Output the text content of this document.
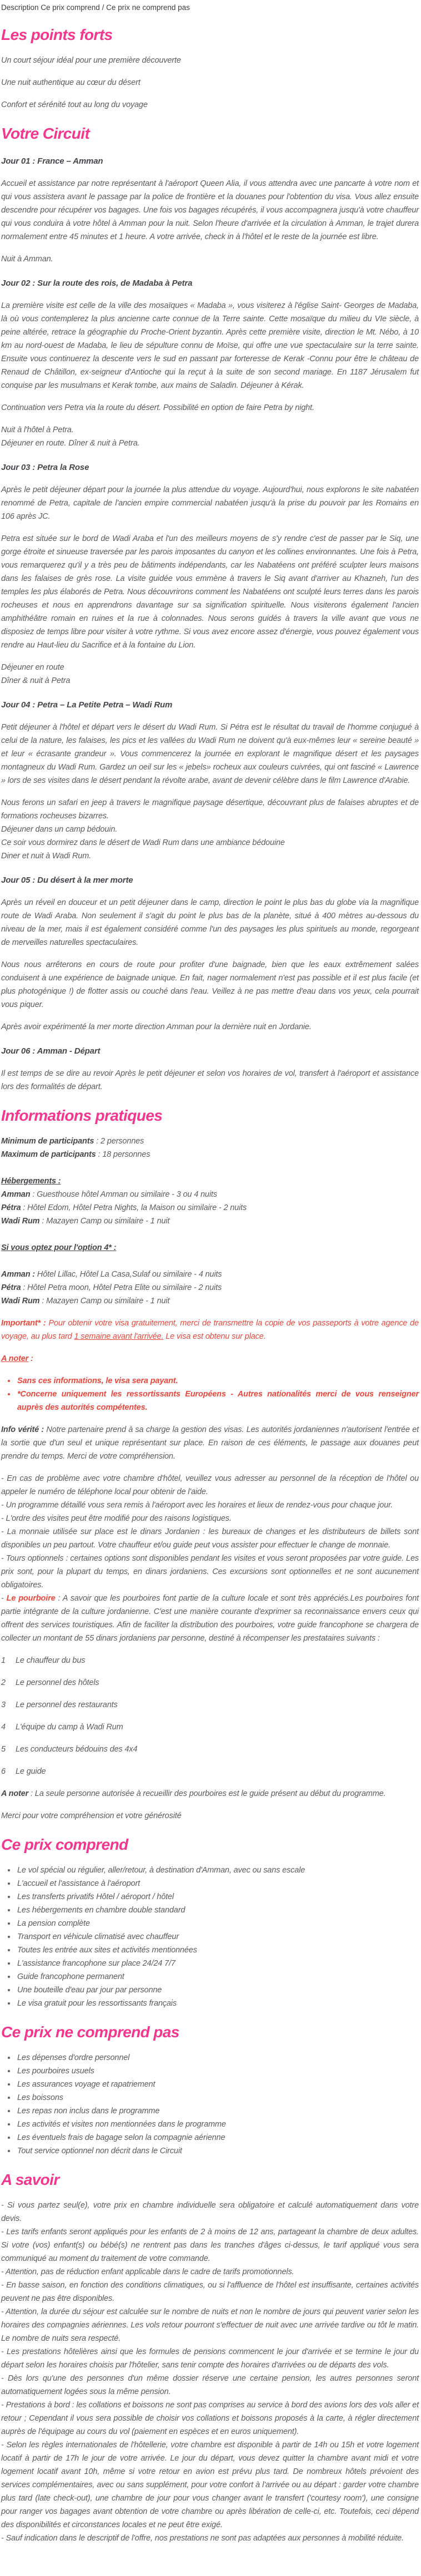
Description Ce prix comprend / Ce prix ne comprend pas
Les points forts
Un court séjour idéal pour une première découverte
Une nuit authentique au cœur du désert
Confort et sérénité tout au long du voyage
Votre Circuit
Jour 01 : France – Amman

Accueil et assistance par notre représentant à l'aéroport Queen Alia, il vous attendra avec une pancarte à votre nom et qui vous assistera avant le passage par la police de frontière et la douanes pour l'obtention du visa. Vous allez ensuite descendre pour récupérer vos bagages. Une fois vos bagages récupérés, il vous accompagnera jusqu'à votre chauffeur qui vous conduira à votre hôtel à Amman pour la nuit. Selon l'heure d'arrivée et la circulation à Amman, le trajet durera normalement entre 45 minutes et 1 heure. A votre arrivée, check in à l'hôtel et le reste de la journée est libre.

Nuit à Amman.
Jour 02 : Sur la route des rois, de Madaba à Petra

La première visite est celle de la ville des mosaïques « Madaba », vous visiterez à l'église Saint- Georges de Madaba, là où vous contemplerez la plus ancienne carte connue de la Terre sainte. Cette mosaïque du milieu du VIe siècle, à peine altérée, retrace la géographie du Proche-Orient byzantin. Après cette première visite, direction le Mt. Nébo, à 10 km au nord-ouest de Madaba, le lieu de sépulture connu de Moïse, qui offre une vue spectaculaire sur la terre sainte. Ensuite vous continuerez la descente vers le sud en passant par forteresse de Kerak -Connu pour être le château de Renaud de Châtillon, ex-seigneur d'Antioche qui la reçut à la suite de son second mariage. En 1187 Jérusalem fut conquise par les musulmans et Kerak tombe, aux mains de Saladin. Déjeuner à Kérak.

Continuation vers Petra via la route du désert. Possibilité en option de faire Petra by night.

Nuit à l'hôtel à Petra.
Déjeuner en route. Dîner & nuit à Petra.
Jour 03 : Petra la Rose

Après le petit déjeuner départ pour la journée la plus attendue du voyage. Aujourd'hui, nous explorons le site nabatéen renommé de Petra, capitale de l'ancien empire commercial nabatéen jusqu'à la prise du pouvoir par les Romains en 106 après JC.

Petra est située sur le bord de Wadi Araba et l'un des meilleurs moyens de s'y rendre c'est de passer par le Siq, une gorge étroite et sinueuse traversée par les parois imposantes du canyon et les collines environnantes. Une fois à Petra, vous remarquerez qu'il y a très peu de bâtiments indépendants, car les Nabatéens ont préféré sculpter leurs maisons dans les falaises de grès rose. La visite guidée vous emmène à travers le Siq avant d'arriver au Khazneh, l'un des temples les plus élaborés de Petra. Nous découvrirons comment les Nabatéens ont sculpté leurs terres dans les parois rocheuses et nous en apprendrons davantage sur sa signification spirituelle. Nous visiterons également l'ancien amphithéâtre romain en ruines et la rue à colonnades. Nous serons guidés à travers la ville avant que vous ne disposiez de temps libre pour visiter à votre rythme. Si vous avez encore assez d'énergie, vous pouvez également vous rendre au Haut-lieu du Sacrifice et à la fontaine du Lion.

Déjeuner en route
Dîner & nuit à Petra
Jour 04 : Petra – La Petite Petra – Wadi Rum

Petit déjeuner à l'hôtel et départ vers le désert du Wadi Rum. Si Pétra est le résultat du travail de l'homme conjugué à celui de la nature, les falaises, les pics et les vallées du Wadi Rum ne doivent qu'à eux-mêmes leur « sereine beauté » et leur « écrasante grandeur ». Vous commencerez la journée en explorant le magnifique désert et les paysages montagneux du Wadi Rum. Gardez un oeil sur les « jebels» rocheux aux couleurs cuivrées, qui ont fasciné « Lawrence » lors de ses visites dans le désert pendant la révolte arabe, avant de devenir célèbre dans le film Lawrence d'Arabie.

Nous ferons un safari en jeep à travers le magnifique paysage désertique, découvrant plus de falaises abruptes et de formations rocheuses bizarres.
Déjeuner dans un camp bédouin.
Ce soir vous dormirez dans le désert de Wadi Rum dans une ambiance bédouine
Diner et nuit à Wadi Rum.
Jour 05 : Du désert à la mer morte

Après un réveil en douceur et un petit déjeuner dans le camp, direction le point le plus bas du globe via la magnifique route de Wadi Araba. Non seulement il s'agit du point le plus bas de la planète, situé à 400 mètres au-dessous du niveau de la mer, mais il est également considéré comme l'un des paysages les plus spirituels au monde, regorgeant de merveilles naturelles spectaculaires.

Nous nous arrêterons en cours de route pour profiter d'une baignade, bien que les eaux extrêmement salées conduisent à une expérience de baignade unique. En fait, nager normalement n'est pas possible et il est plus facile (et plus photogénique !) de flotter assis ou couché dans l'eau. Veillez à ne pas mettre d'eau dans vos yeux, cela pourrait vous piquer.

Après avoir expérimenté la mer morte direction Amman pour la dernière nuit en Jordanie.

Jour 06 : Amman - Départ

Il est temps de se dire au revoir Après le petit déjeuner et selon vos horaires de vol, transfert à l'aéroport et assistance lors des formalités de départ.

Informations pratiques
Minimum de participants : 2 personnes
Maximum de participants : 18 personnes
Hébergements :
Amman : Guesthouse hôtel Amman ou similaire - 3 ou 4 nuits
Pétra : Hôtel Edom, Hôtel Petra Nights, la Maison ou similaire - 2 nuits
Wadi Rum : Mazayen Camp ou similaire - 1 nuit
Si vous optez pour l'option 4* :
Amman : Hôtel Lillac, Hôtel La Casa,Sulaf ou similaire - 4 nuits
Pétra : Hôtel Petra moon, Hôtel Petra Elite ou similaire - 2 nuits
Wadi Rum : Mazayen Camp ou similaire - 1 nuit

Important* : Pour obtenir votre visa gratuitement, merci de transmettre la copie de vos passeports à votre agence de voyage, au plus tard 1 semaine avant l'arrivée. Le visa est obtenu sur place.

A noter :

• Sans ces informations, le visa sera payant.
• *Concerne uniquement les ressortissants Européens - Autres nationalités merci de vous renseigner auprès des autorités compétentes.

Info vérité : Notre partenaire prend à sa charge la gestion des visas. Les autorités jordaniennes n'autorisent l'entrée et la sortie que d'un seul et unique représentant sur place. En raison de ces éléments, le passage aux douanes peut prendre du temps. Merci de votre compréhension.

- En cas de problème avec votre chambre d'hôtel, veuillez vous adresser au personnel de la réception de l'hôtel ou appeler le numéro de téléphone local pour obtenir de l'aide.
- Un programme détaillé vous sera remis à l'aéroport avec les horaires et lieux de rendez-vous pour chaque jour.
- L'ordre des visites peut être modifié pour des raisons logistiques.
- La monnaie utilisée sur place est le dinars Jordanien : les bureaux de changes et les distributeurs de billets sont disponibles un peu partout. Votre chauffeur et/ou guide peut vous assister pour effectuer le change de monnaie.
- Tours optionnels : certaines options sont disponibles pendant les visites et vous seront proposées par votre guide. Les prix sont, pour la plupart du temps, en dinars jordaniens. Ces excursions sont optionnelles et ne sont aucunement obligatoires.
- Le pourboire : A savoir que les pourboires font partie de la culture locale et sont très appréciés.Les pourboires font partie intégrante de la culture jordanienne. C'est une manière courante d'exprimer sa reconnaissance envers ceux qui offrent des services touristiques. Afin de faciliter la distribution des pourboires, votre guide francophone se chargera de collecter un montant de 55 dinars jordaniens par personne, destiné à récompenser les prestataires suivants :
1	Le chauffeur du bus
2	Le personnel des hôtels
3	Le personnel des restaurants
4	L'équipe du camp à Wadi Rum
5	Les conducteurs bédouins des 4x4
6	Le guide

A noter : La seule personne autorisée à recueillir des pourboires est le guide présent au début du programme.

Merci pour votre compréhension et votre générosité

Ce prix comprend
• Le vol spécial ou régulier, aller/retour, à destination d'Amman, avec ou sans escale
• L'accueil et l'assistance à l'aéroport
• Les transferts privatifs Hôtel / aéroport / hôtel
• Les hébergements en chambre double standard
• La pension complète
• Transport en véhicule climatisé avec chauffeur
• Toutes les entrée aux sites et activités mentionnées
• L'assistance francophone sur place 24/24 7/7
• Guide francophone permanent
• Une bouteille d'eau par jour par personne
• Le visa gratuit pour les ressortissants français
Ce prix ne comprend pas
• Les dépenses d'ordre personnel
• Les pourboires usuels
• Les assurances voyage et rapatriement
• Les boissons
• Les repas non inclus dans le programme
• Les activités et visites non mentionnées dans le programme
• Les éventuels frais de bagage selon la compagnie aérienne
• Tout service optionnel non décrit dans le Circuit
A savoir
- Si vous partez seul(e), votre prix en chambre individuelle sera obligatoire et calculé automatiquement dans votre devis.
- Les tarifs enfants seront appliqués pour les enfants de 2 à moins de 12 ans, partageant la chambre de deux adultes. Si votre (vos) enfant(s) ou bébé(s) ne rentrent pas dans les tranches d'âges ci-dessus, le tarif appliqué vous sera communiqué au moment du traitement de votre commande.
- Attention, pas de réduction enfant applicable dans le cadre de tarifs promotionnels.
- En basse saison, en fonction des conditions climatiques, ou si l'affluence de l'hôtel est insuffisante, certaines activités peuvent ne pas être disponibles.
- Attention, la durée du séjour est calculée sur le nombre de nuits et non le nombre de jours qui peuvent varier selon les horaires des compagnies aériennes. Les vols retour pourront s'effectuer de nuit avec une arrivée tardive ou tôt le matin. Le nombre de nuits sera respecté.
- Les prestations hôtelières ainsi que les formules de pensions commencent le jour d'arrivée et se termine le jour du départ selon les horaires choisis par l'hôtelier, sans tenir compte des horaires d'arrivées ou de départs des vols.
- Dès lors qu'une des personnes d'un même dossier réserve une certaine pension, les autres personnes seront automatiquement logées sous la même pension.
- Prestations à bord : les collations et boissons ne sont pas comprises au service à bord des avions lors des vols aller et retour ; Cependant il vous sera possible de choisir vos collations et boissons proposés à la carte, à régler directement auprès de l'équipage au cours du vol (paiement en espèces et en euros uniquement).
- Selon les règles internationales de l'hôtellerie, votre chambre est disponible à partir de 14h ou 15h et votre logement locatif à partir de 17h le jour de votre arrivée. Le jour du départ, vous devez quitter la chambre avant midi et votre logement locatif avant 10h, même si votre retour en avion est prévu plus tard. De nombreux hôtels prévoient des services complémentaires, avec ou sans supplément, pour votre confort à l'arrivée ou au départ : garder votre chambre plus tard (late check-out), une chambre de jour pour vous changer avant le transfert ('courtesy room'), une consigne pour ranger vos bagages avant obtention de votre chambre ou après libération de celle-ci, etc. Toutefois, ceci dépend des disponibilités et circonstances locales et ne peut être exigé.
- Sauf indication dans le descriptif de l'offre, nos prestations ne sont pas adaptées aux personnes à mobilité réduite.
